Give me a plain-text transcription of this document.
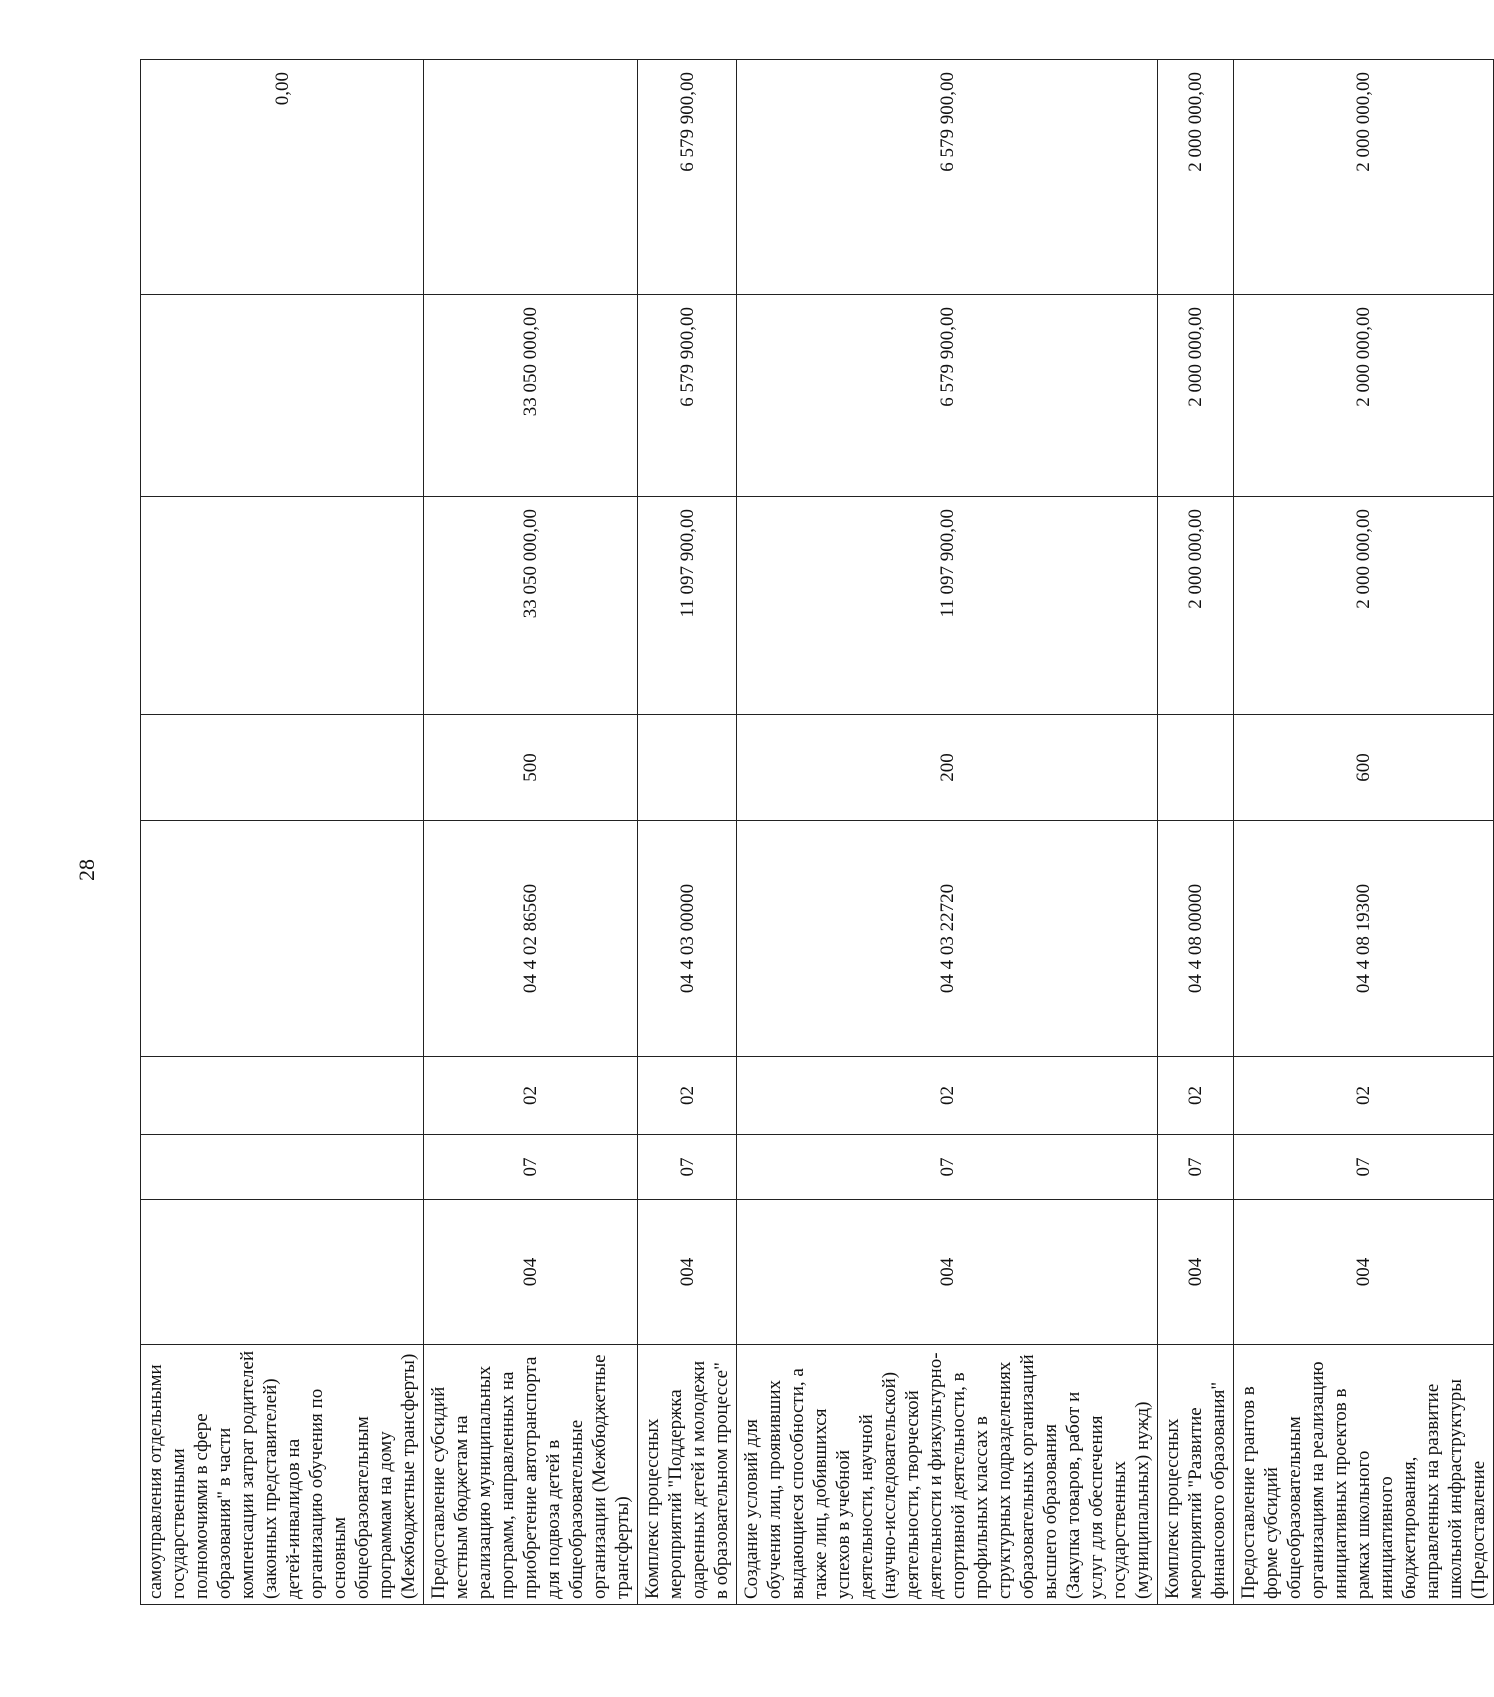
28
самоуправления отдельными государственными полномочиями в сфере образования" в части компенсации затрат родителей (законных представителей) детей-инвалидов на организацию обучения по основным общеобразовательным программам на дому (Межбюджетные трансферты)								0,00
Предоставление субсидий местным бюджетам на реализацию муниципальных программ, направленных на приобретение автотранспорта для подвоза детей в общеобразовательные организации (Межбюджетные трансферты)	004	07	02	04 4 02 86560	500	33 050 000,00	33 050 000,00	
Комплекс процессных мероприятий "Поддержка одаренных детей и молодежи в образовательном процессе"	004	07	02	04 4 03 00000		11 097 900,00	6 579 900,00	6 579 900,00
Создание условий для обучения лиц, проявивших выдающиеся способности, а также лиц, добившихся успехов в учебной деятельности, научной (научно-исследовательской) деятельности, творческой деятельности и физкультурно-спортивной деятельности, в профильных классах в структурных подразделениях образовательных организаций высшего образования (Закупка товаров, работ и услуг для обеспечения государственных (муниципальных) нужд)	004	07	02	04 4 03 22720	200	11 097 900,00	6 579 900,00	6 579 900,00
Комплекс процессных мероприятий "Развитие финансового образования"	004	07	02	04 4 08 00000		2 000 000,00	2 000 000,00	2 000 000,00
Предоставление грантов в форме субсидий общеобразовательным организациям на реализацию инициативных проектов в рамках школьного инициативного бюджетирования, направленных на развитие школьной инфраструктуры (Предоставление	004	07	02	04 4 08 19300	600	2 000 000,00	2 000 000,00	2 000 000,00
